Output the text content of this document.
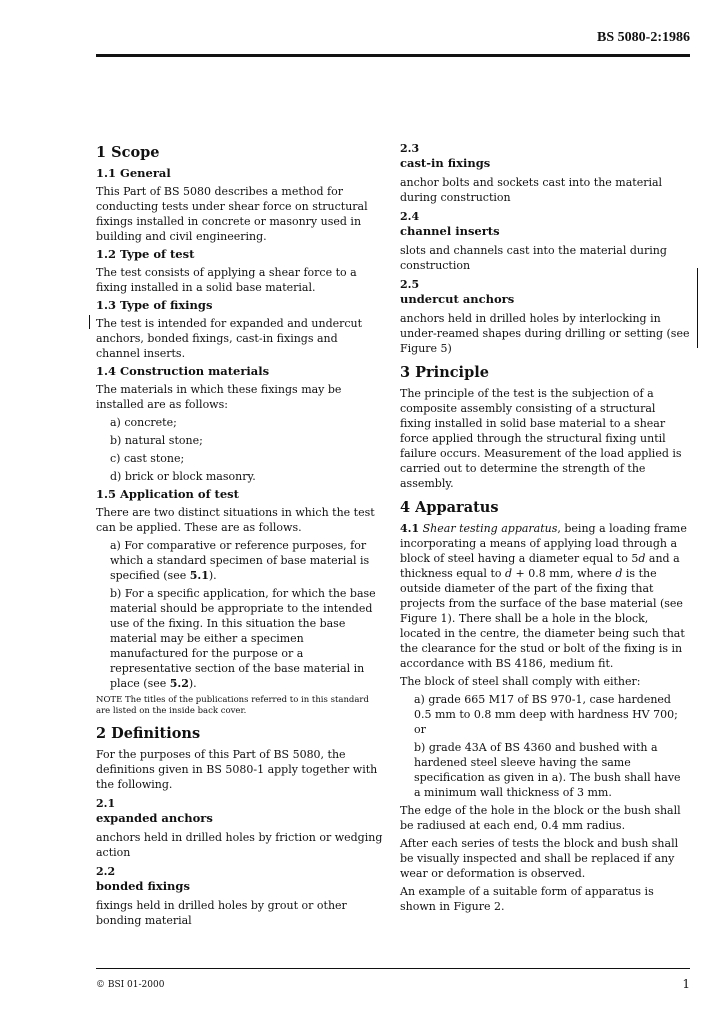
BS 5080-2:1986
1 Scope
1.1 General

This Part of BS 5080 describes a method for conducting tests under shear force on structural fixings installed in concrete or masonry used in building and civil engineering.

1.2 Type of test

The test consists of applying a shear force to a fixing installed in a solid base material.

1.3 Type of fixings

The test is intended for expanded and undercut anchors, bonded fixings, cast-in fixings and channel inserts.

1.4 Construction materials

The materials in which these fixings may be installed are as follows:

a) concrete;

b) natural stone;

c) cast stone;

d) brick or block masonry.

1.5 Application of test

There are two distinct situations in which the test can be applied. These are as follows.

a) For comparative or reference purposes, for which a standard specimen of base material is specified (see 5.1).

b) For a specific application, for which the base material should be appropriate to the intended use of the fixing. In this situation the base material may be either a specimen manufactured for the purpose or a representative section of the base material in place (see 5.2).

NOTE The titles of the publications referred to in this standard are listed on the inside back cover.

2 Definitions

For the purposes of this Part of BS 5080, the definitions given in BS 5080-1 apply together with the following.

2.1
expanded anchors

anchors held in drilled holes by friction or wedging action

2.2
bonded fixings

fixings held in drilled holes by grout or other bonding material

2.3
cast-in fixings

anchor bolts and sockets cast into the material during construction

2.4
channel inserts

slots and channels cast into the material during construction

2.5
undercut anchors

anchors held in drilled holes by interlocking in under-reamed shapes during drilling or setting (see Figure 5)

3 Principle

The principle of the test is the subjection of a composite assembly consisting of a structural fixing installed in solid base material to a shear force applied through the structural fixing until failure occurs. Measurement of the load applied is carried out to determine the strength of the assembly.

4 Apparatus

4.1 Shear testing apparatus, being a loading frame incorporating a means of applying load through a block of steel having a diameter equal to 5d and a thickness equal to d + 0.8 mm, where d is the outside diameter of the part of the fixing that projects from the surface of the base material (see Figure 1). There shall be a hole in the block, located in the centre, the diameter being such that the clearance for the stud or bolt of the fixing is in accordance with BS 4186, medium fit.

The block of steel shall comply with either:

a) grade 665 M17 of BS 970-1, case hardened 0.5 mm to 0.8 mm deep with hardness HV 700; or

b) grade 43A of BS 4360 and bushed with a hardened steel sleeve having the same specification as given in a). The bush shall have a minimum wall thickness of 3 mm.

The edge of the hole in the block or the bush shall be radiused at each end, 0.4 mm radius.

After each series of tests the block and bush shall be visually inspected and shall be replaced if any wear or deformation is observed.

An example of a suitable form of apparatus is shown in Figure 2.

© BSI 01-2000	1
